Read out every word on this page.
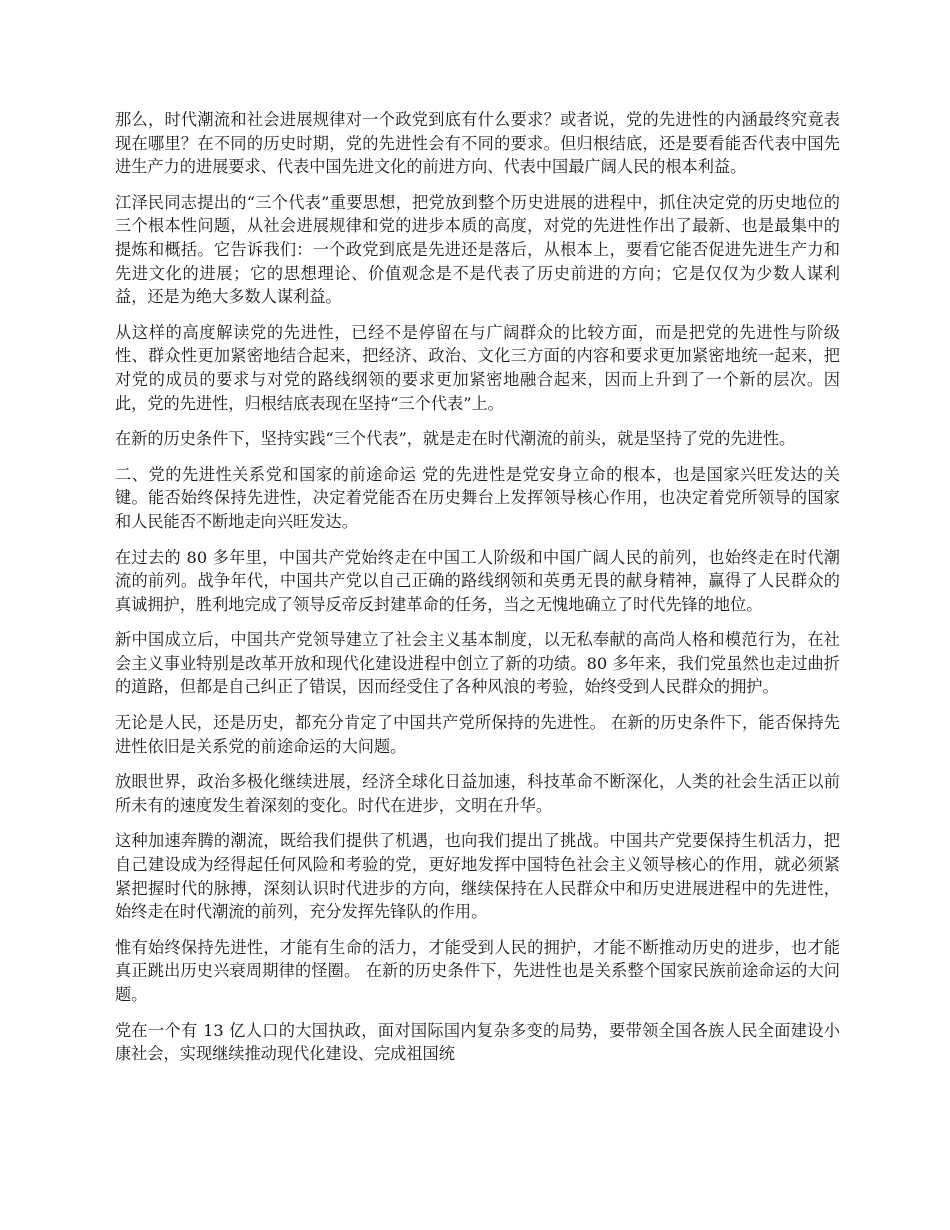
那么，时代潮流和社会进展规律对一个政党到底有什么要求？或者说，党的先进性的内涵最终究竟表现在哪里？在不同的历史时期，党的先进性会有不同的要求。但归根结底，还是要看能否代表中国先进生产力的进展要求、代表中国先进文化的前进方向、代表中国最广阔人民的根本利益。

江泽民同志提出的“三个代表”重要思想，把党放到整个历史进展的进程中，抓住决定党的历史地位的三个根本性问题，从社会进展规律和党的进步本质的高度，对党的先进性作出了最新、也是最集中的提炼和概括。它告诉我们：一个政党到底是先进还是落后，从根本上，要看它能否促进先进生产力和先进文化的进展；它的思想理论、价值观念是不是代表了历史前进的方向；它是仅仅为少数人谋利益，还是为绝大多数人谋利益。

从这样的高度解读党的先进性，已经不是停留在与广阔群众的比较方面，而是把党的先进性与阶级性、群众性更加紧密地结合起来，把经济、政治、文化三方面的内容和要求更加紧密地统一起来，把对党的成员的要求与对党的路线纲领的要求更加紧密地融合起来，因而上升到了一个新的层次。因此，党的先进性，归根结底表现在坚持“三个代表”上。

在新的历史条件下，坚持实践“三个代表”，就是走在时代潮流的前头，就是坚持了党的先进性。

二、党的先进性关系党和国家的前途命运 党的先进性是党安身立命的根本，也是国家兴旺发达的关键。能否始终保持先进性，决定着党能否在历史舞台上发挥领导核心作用，也决定着党所领导的国家和人民能否不断地走向兴旺发达。

在过去的 80 多年里，中国共产党始终走在中国工人阶级和中国广阔人民的前列，也始终走在时代潮流的前列。战争年代，中国共产党以自己正确的路线纲领和英勇无畏的献身精神，赢得了人民群众的真诚拥护，胜利地完成了领导反帝反封建革命的任务，当之无愧地确立了时代先锋的地位。

新中国成立后，中国共产党领导建立了社会主义基本制度，以无私奉献的高尚人格和模范行为，在社会主义事业特别是改革开放和现代化建设进程中创立了新的功绩。80 多年来，我们党虽然也走过曲折的道路，但都是自己纠正了错误，因而经受住了各种风浪的考验，始终受到人民群众的拥护。

无论是人民，还是历史，都充分肯定了中国共产党所保持的先进性。 在新的历史条件下，能否保持先进性依旧是关系党的前途命运的大问题。

放眼世界，政治多极化继续进展，经济全球化日益加速，科技革命不断深化，人类的社会生活正以前所未有的速度发生着深刻的变化。时代在进步，文明在升华。

这种加速奔腾的潮流，既给我们提供了机遇，也向我们提出了挑战。中国共产党要保持生机活力，把自己建设成为经得起任何风险和考验的党，更好地发挥中国特色社会主义领导核心的作用，就必须紧紧把握时代的脉搏，深刻认识时代进步的方向，继续保持在人民群众中和历史进展进程中的先进性，始终走在时代潮流的前列，充分发挥先锋队的作用。

惟有始终保持先进性，才能有生命的活力，才能受到人民的拥护，才能不断推动历史的进步，也才能真正跳出历史兴衰周期律的怪圈。 在新的历史条件下，先进性也是关系整个国家民族前途命运的大问题。

党在一个有 13 亿人口的大国执政，面对国际国内复杂多变的局势，要带领全国各族人民全面建设小康社会，实现继续推动现代化建设、完成祖国统
